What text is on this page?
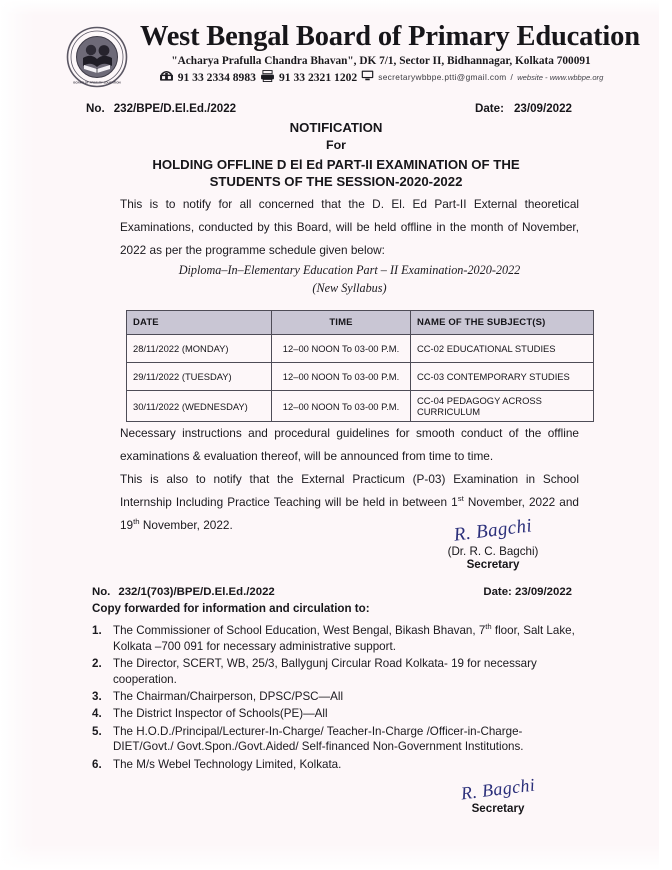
পশ্চিম বঙ্গ
BOARD OF PRIMARY EDUCATION
West Bengal Board of Primary Education
"Acharya Prafulla Chandra Bhavan", DK 7/1, Sector II, Bidhannagar, Kolkata 700091
91 33 2334 8983 91 33 2321 1202	secretarywbbpe.ptti@gmail.com / website - www.wbbpe.org
No. 232/BPE/D.El.Ed./2022	Date: 23/09/2022
NOTIFICATION
For
HOLDING OFFLINE D El Ed PART-II EXAMINATION OF THE
STUDENTS OF THE SESSION-2020-2022
This is to notify for all concerned that the D. El. Ed Part-II External theoretical Examinations, conducted by this Board, will be held offline in the month of November, 2022 as per the programme schedule given below:
Diploma–In–Elementary Education Part – II Examination-2020-2022
(New Syllabus)
DATE	TIME	NAME OF THE SUBJECT(S)
28/11/2022 (MONDAY)	12–00 NOON To 03-00 P.M.	CC-02 EDUCATIONAL STUDIES
29/11/2022 (TUESDAY)	12–00 NOON To 03-00 P.M.	CC-03 CONTEMPORARY STUDIES
30/11/2022 (WEDNESDAY)	12–00 NOON To 03-00 P.M.	CC-04 PEDAGOGY ACROSS CURRICULUM
Necessary instructions and procedural guidelines for smooth conduct of the offline examinations & evaluation thereof, will be announced from time to time.
This is also to notify that the External Practicum (P-03) Examination in School Internship Including Practice Teaching will be held in between 1st November, 2022 and 19th November, 2022.	R. Bagchi
(Dr. R. C. Bagchi)
Secretary
No. 232/1(703)/BPE/D.El.Ed./2022	Date: 23/09/2022
Copy forwarded for information and circulation to:
1. The Commissioner of School Education, West Bengal, Bikash Bhavan, 7th floor, Salt Lake, Kolkata –700 091 for necessary administrative support.
2. The Director, SCERT, WB, 25/3, Ballygunj Circular Road Kolkata- 19 for necessary cooperation.
3. The Chairman/Chairperson, DPSC/PSC—All
4. The District Inspector of Schools(PE)—All
5. The H.O.D./Principal/Lecturer-In-Charge/ Teacher-In-Charge /Officer-in-Charge- DIET/Govt./ Govt.Spon./Govt.Aided/ Self-financed Non-Government Institutions.
6. The M/s Webel Technology Limited, Kolkata.
R. Bagchi
Secretary
